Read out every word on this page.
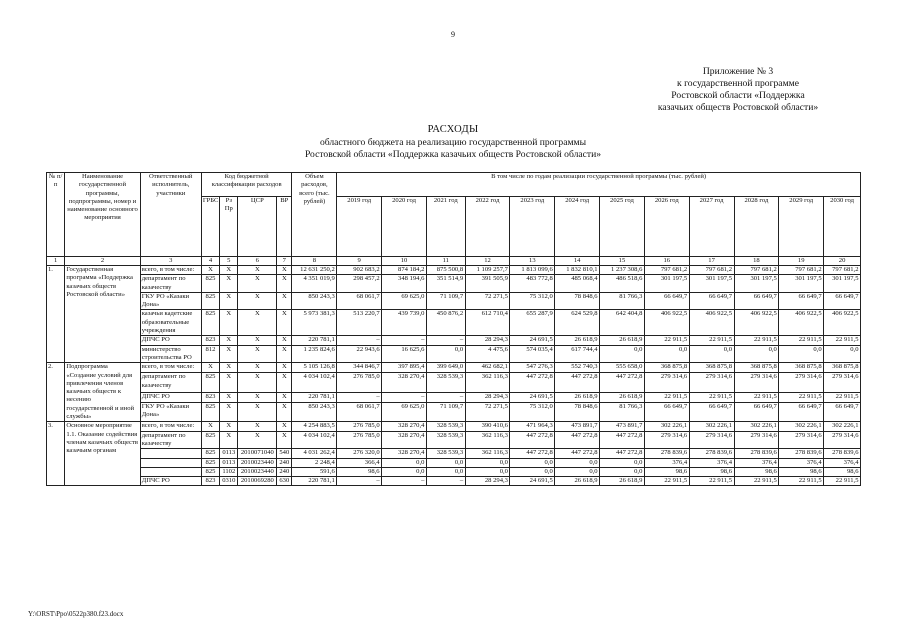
9
Приложение № 3
к государственной программе
Ростовской области «Поддержка
казачьих обществ Ростовской области»
РАСХОДЫ
областного бюджета на реализацию государственной программы
Ростовской области «Поддержка казачьих обществ Ростовской области»
№ п/п	Наименование государственной программы, подпрограммы, номер и наименование основного мероприятия	Ответственный исполнитель, участники	Код бюджетной классификации расходов				Объем расходов, всего (тыс. рублей)	В том числе по годам реализации государственной программы (тыс. рублей)											
			ГРБС	Рз Пр	ЦСР	ВР		2019 год	2020 год	2021 год	2022 год	2023 год	2024 год	2025 год	2026 год	2027 год	2028 год	2029 год	2030 год
1	2	3	4	5	6	7	8	9	10	11	12	13	14	15	16	17	18	19	20
1.	Государственная программа «Поддержка казачьих обществ Ростовской области»	всего, в том числе:	X	X	X	X	12 631 250,2	902 683,2	874 184,2	875 500,8	1 109 257,7	1 813 099,6	1 832 810,1	1 237 308,6	797 681,2	797 681,2	797 681,2	797 681,2	797 681,2
		департамент по казачеству	825	X	X	X	4 351 019,9	298 457,2	348 194,6	351 514,9	391 505,9	483 772,8	485 068,4	486 518,6	301 197,5	301 197,5	301 197,5	301 197,5	301 197,5
		ГКУ РО «Казаки Дона»	825	X	X	X	850 243,3	68 061,7	69 625,0	71 109,7	72 271,5	75 312,0	78 848,6	81 766,3	66 649,7	66 649,7	66 649,7	66 649,7	66 649,7
		казачьи кадетские образовательные учреждения	825	X	X	X	5 973 381,3	513 220,7	439 739,0	450 876,2	612 710,4	655 287,9	624 529,8	642 404,8	406 922,5	406 922,5	406 922,5	406 922,5	406 922,5
		ДПЧС РО	823	X	X	X	220 781,1	–	–	–	28 294,3	24 691,5	26 618,9	26 618,9	22 911,5	22 911,5	22 911,5	22 911,5	22 911,5
		министерство строительства РО	812	X	X	X	1 235 824,6	22 943,6	16 625,6	0,0	4 475,6	574 035,4	617 744,4	0,0	0,0	0,0	0,0	0,0	0,0
2.	Подпрограмма «Создание условий для привлечения членов казачьих обществ к несению государственной и иной службы»	всего, в том числе:	X	X	X	X	5 105 126,8	344 846,7	397 895,4	399 649,0	462 682,1	547 276,3	552 740,3	555 658,0	368 875,8	368 875,8	368 875,8	368 875,8	368 875,8
		департамент по казачеству	825	X	X	X	4 034 102,4	276 785,0	328 270,4	328 539,3	362 116,3	447 272,8	447 272,8	447 272,8	279 314,6	279 314,6	279 314,6	279 314,6	279 314,6
		ДПЧС РО	823	X	X	X	220 781,1	–	–	–	28 294,3	24 691,5	26 618,9	26 618,9	22 911,5	22 911,5	22 911,5	22 911,5	22 911,5
		ГКУ РО «Казаки Дона»	825	X	X	X	850 243,3	68 061,7	69 625,0	71 109,7	72 271,5	75 312,0	78 848,6	81 766,3	66 649,7	66 649,7	66 649,7	66 649,7	66 649,7
3.	Основное мероприятие 1.1. Оказание содействия членам казачьих обществ казачьим органам	всего, в том числе:	X	X	X	X	4 254 883,5	276 785,0	328 270,4	328 539,3	390 410,6	471 964,3	473 891,7	473 891,7	302 226,1	302 226,1	302 226,1	302 226,1	302 226,1
		департамент по казачеству	825	X	X	X	4 034 102,4	276 785,0	328 270,4	328 539,3	362 116,3	447 272,8	447 272,8	447 272,8	279 314,6	279 314,6	279 314,6	279 314,6	279 314,6
			825	0113	2010071040	540	4 031 262,4	276 320,0	328 270,4	328 539,3	362 116,3	447 272,8	447 272,8	447 272,8	278 839,6	278 839,6	278 839,6	278 839,6	278 839,6
			825	0113	2010023440	240	2 248,4	366,4	0,0	0,0	0,0	0,0	0,0	0,0	376,4	376,4	376,4	376,4	376,4
			825	1102	2010023440	240	591,6	98,6	0,0	0,0	0,0	0,0	0,0	0,0	98,6	98,6	98,6	98,6	98,6
		ДПЧС РО	823	0310	2010069280	630	220 781,1	–	–	–	28 294,3	24 691,5	26 618,9	26 618,9	22 911,5	22 911,5	22 911,5	22 911,5	22 911,5
Y:\ORST\Ppo\0522p380.f23.docx
